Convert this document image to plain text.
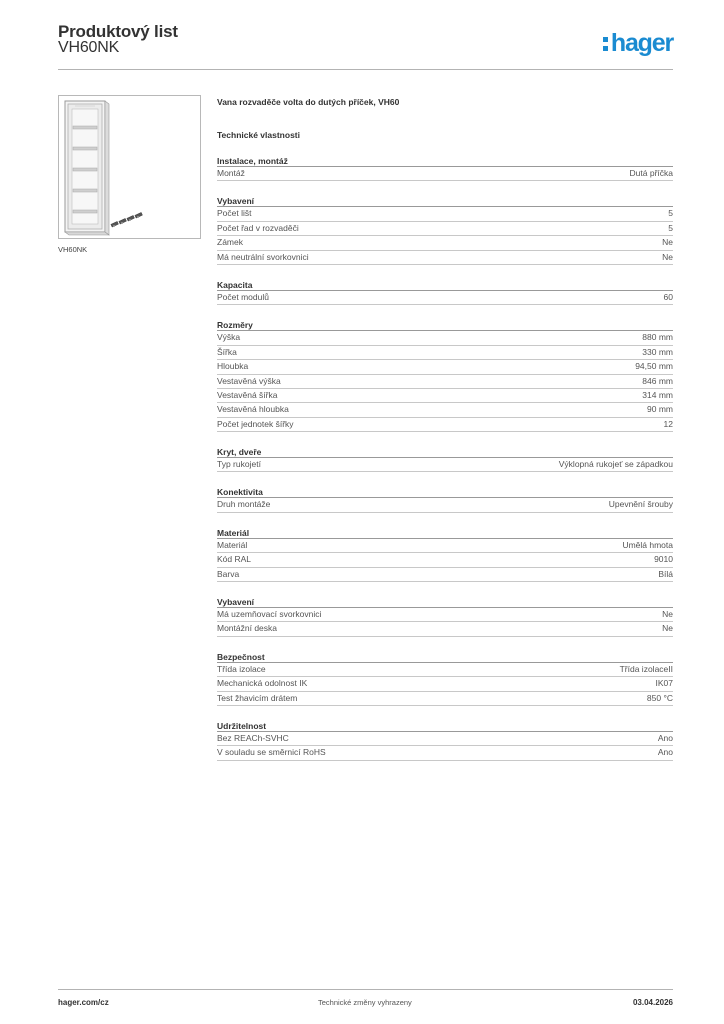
Produktový list
VH60NK	hager
VH60NK
Vana rozvaděče volta do dutých příček, VH60
Technické vlastnosti
Instalace, montáž
Montáž	Dutá příčka
Vybavení
Počet lišt	5
Počet řad v rozvaděči	5
Zámek	Ne
Má neutrální svorkovnici	Ne
Kapacita
Počet modulů	60
Rozměry
Výška	880 mm
Šířka	330 mm
Hloubka	94,50 mm
Vestavěná výška	846 mm
Vestavěná šířka	314 mm
Vestavěná hloubka	90 mm
Počet jednotek šířky	12
Kryt, dveře
Typ rukojetí	Výklopná rukojeť se západkou
Konektivita
Druh montáže	Upevnění šrouby
Materiál
Materiál	Umělá hmota
Kód RAL	9010
Barva	Bílá
Vybavení
Má uzemňovací svorkovnici	Ne
Montážní deska	Ne
Bezpečnost
Třída izolace	Třída izolaceII
Mechanická odolnost IK	IK07
Test žhavicím drátem	850 °C
Udržitelnost
Bez REACh-SVHC	Ano
V souladu se směrnicí RoHS	Ano
hager.com/cz	Technické změny vyhrazeny	03.04.2026
